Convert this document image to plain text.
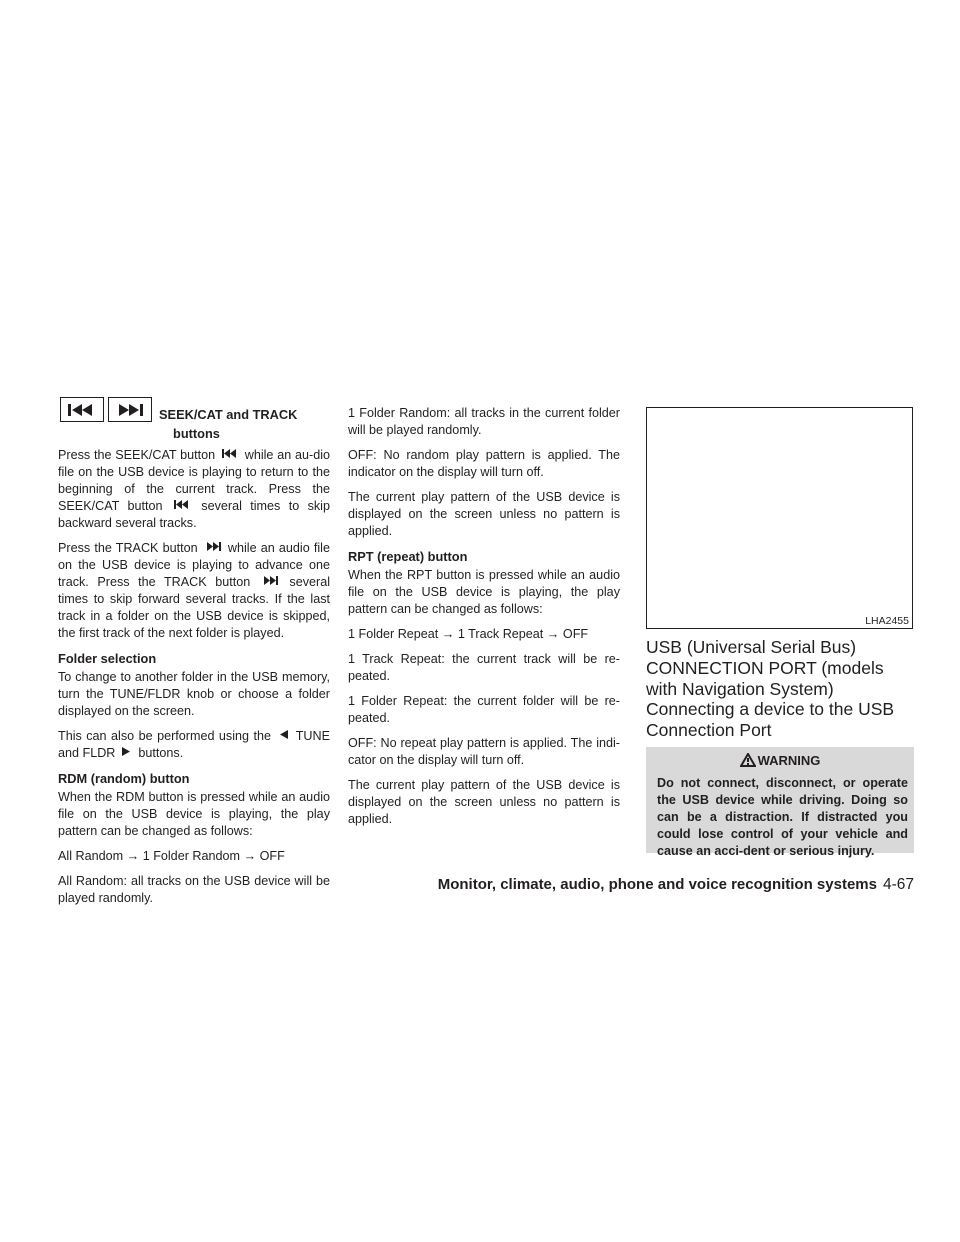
SEEK/CAT and TRACK
buttons

Press the SEEK/CAT button  while an au-dio file on the USB device is playing to return to the beginning of the current track. Press the SEEK/CAT button  several times to skip backward several tracks.

Press the TRACK button  while an audio file on the USB device is playing to advance one track. Press the TRACK button  several times to skip forward several tracks. If the last track in a folder on the USB device is skipped, the first track of the next folder is played.

Folder selection

To change to another folder in the USB memory, turn the TUNE/FLDR knob or choose a folder displayed on the screen.

This can also be performed using the  TUNE and FLDR  buttons.

RDM (random) button

When the RDM button is pressed while an audio file on the USB device is playing, the play pattern can be changed as follows:

All Random → 1 Folder Random → OFF

All Random: all tracks on the USB device will be played randomly.

1 Folder Random: all tracks in the current folder will be played randomly.

OFF: No random play pattern is applied. The indicator on the display will turn off.

The current play pattern of the USB device is displayed on the screen unless no pattern is applied.

RPT (repeat) button

When the RPT button is pressed while an audio file on the USB device is playing, the play pattern can be changed as follows:

1 Folder Repeat → 1 Track Repeat → OFF

1 Track Repeat: the current track will be re-peated.

1 Folder Repeat: the current folder will be re-peated.

OFF: No repeat play pattern is applied. The indi-cator on the display will turn off.

The current play pattern of the USB device is displayed on the screen unless no pattern is applied.

LHA2455
USB (Universal Serial Bus) CONNECTION PORT (models with Navigation System)
Connecting a device to the USB Connection Port
WARNING
Do not connect, disconnect, or operate the USB device while driving. Doing so can be a distraction. If distracted you could lose control of your vehicle and cause an acci-dent or serious injury.
Monitor, climate, audio, phone and voice recognition systems 4-67
